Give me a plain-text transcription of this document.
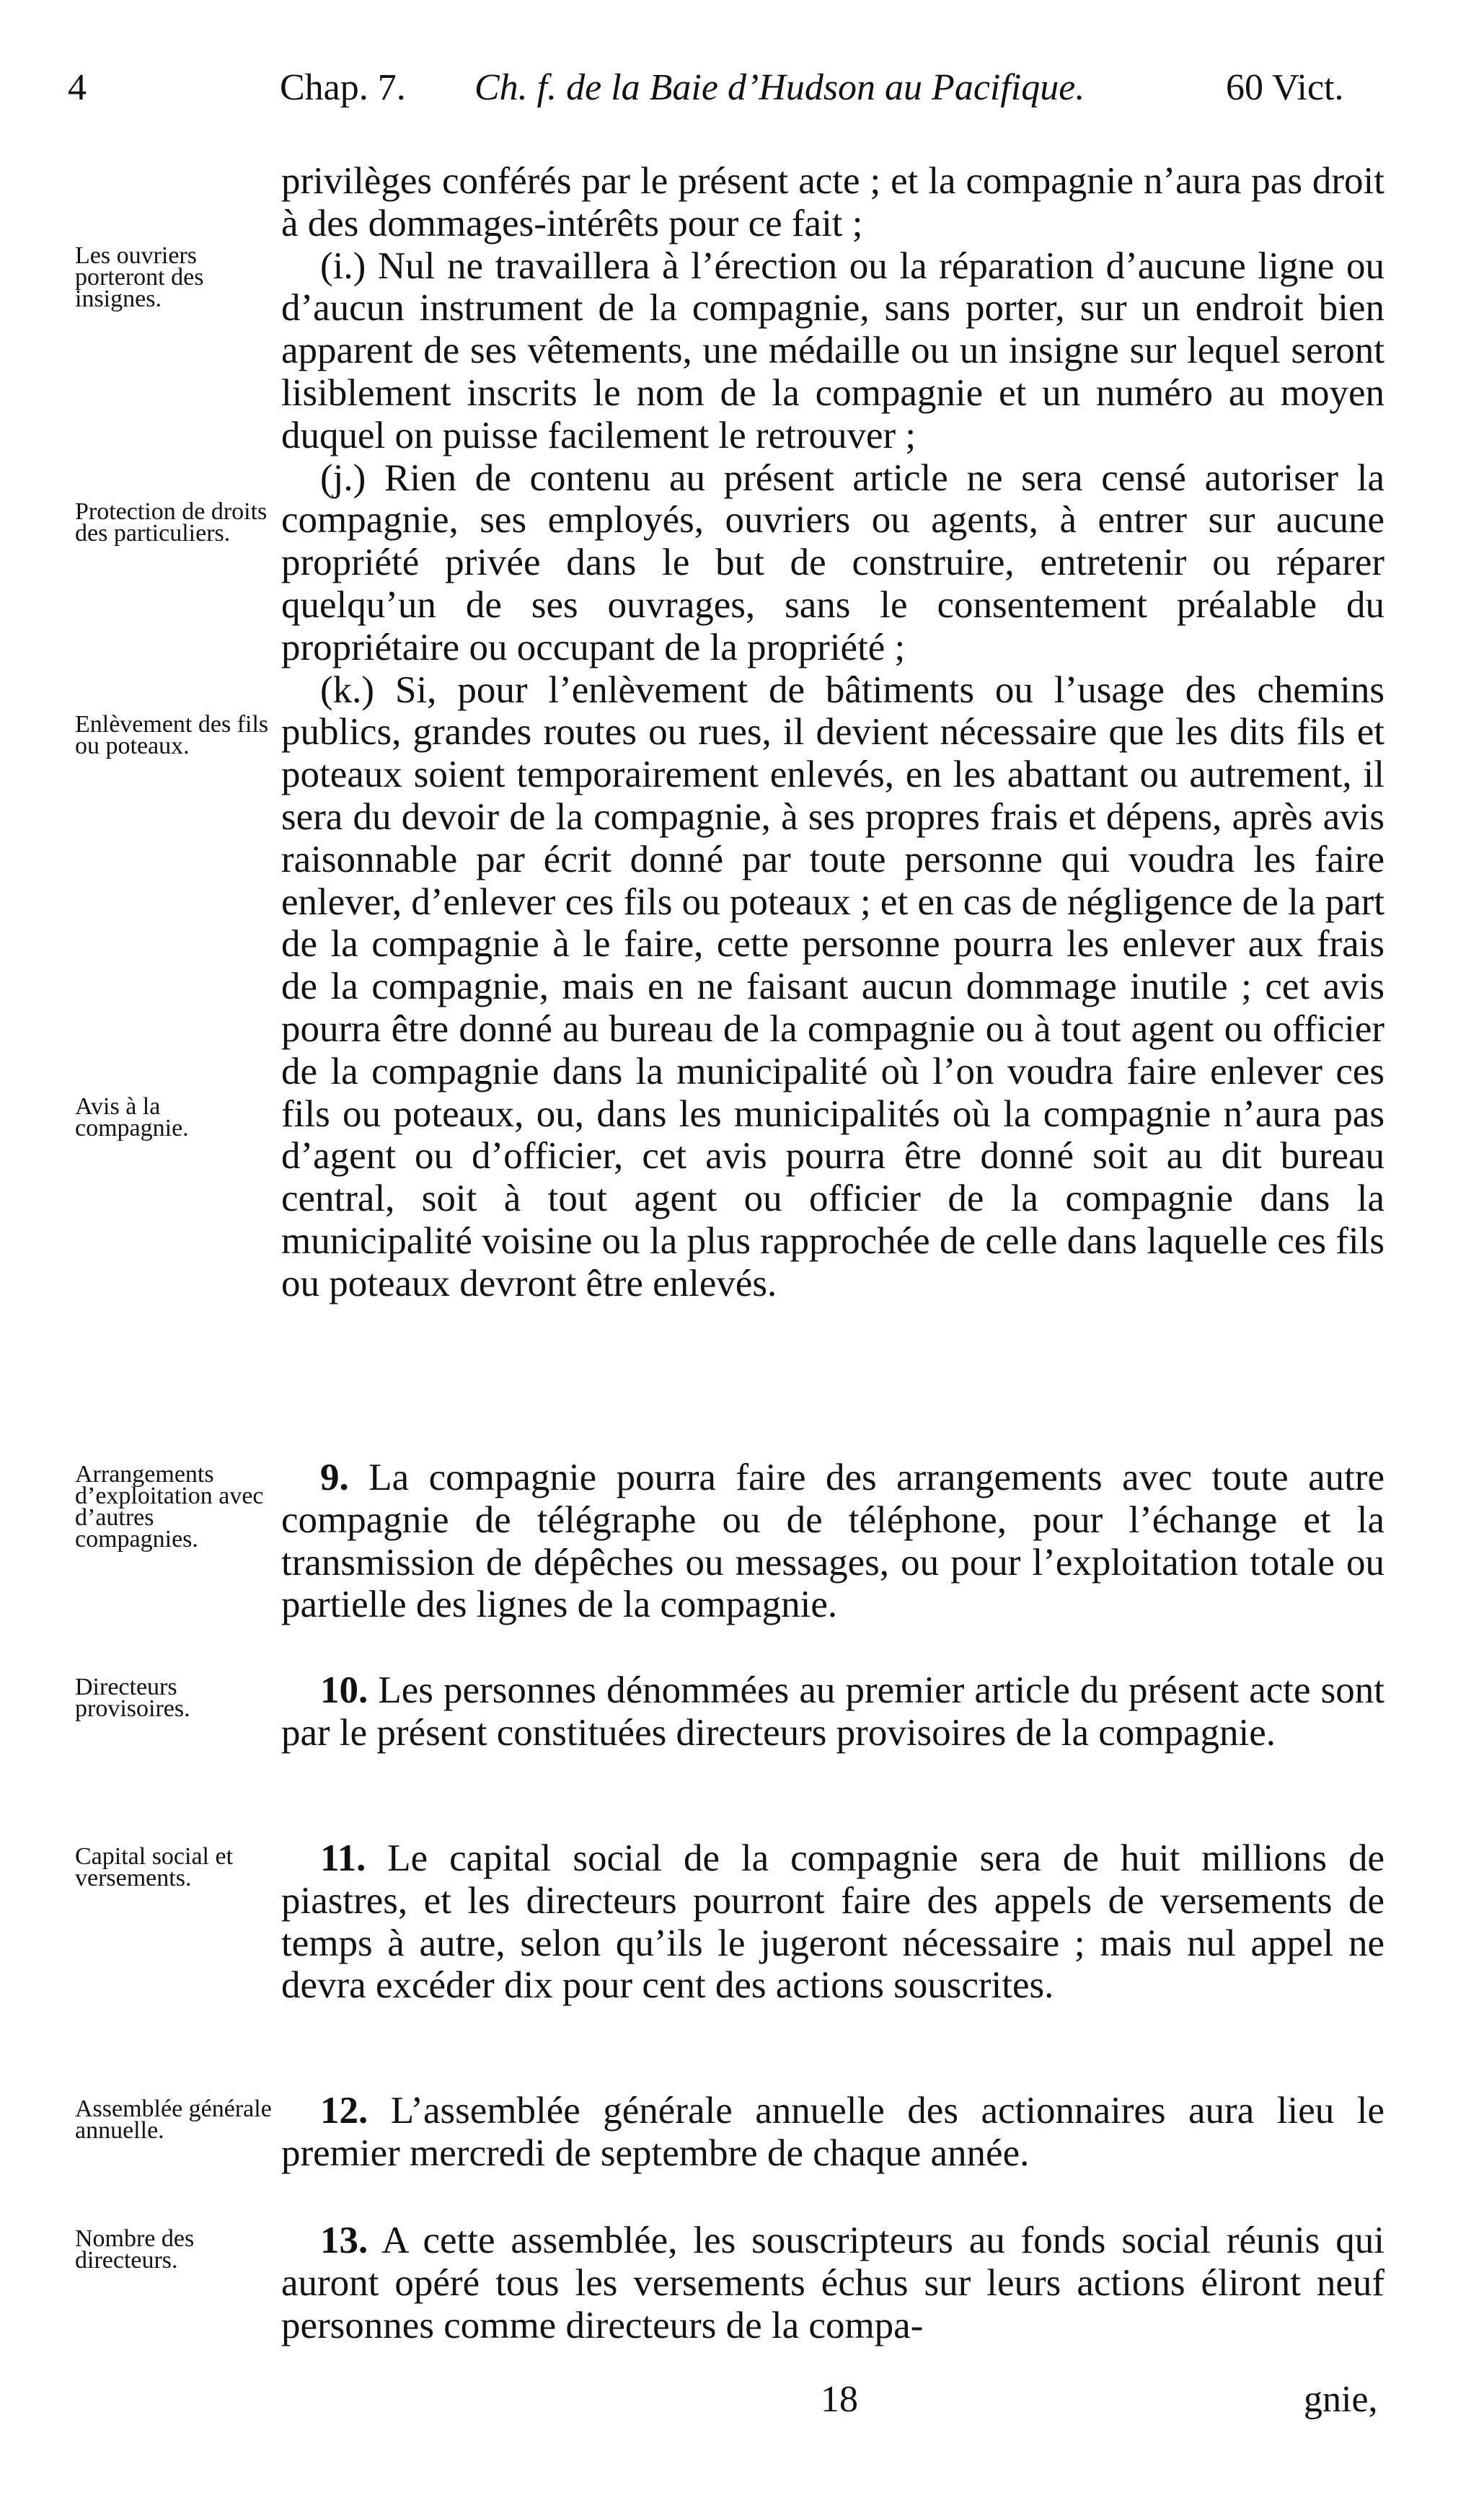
4	Chap. 7. Ch. f. de la Baie d’Hudson au Pacifique.	60 Vict.
Les ouvriers porteront des insignes.
Protection de droits des particuliers.
Enlèvement des fils ou poteaux.
Avis à la compagnie.
Arrangements d’exploitation avec d’autres compagnies.
Directeurs provisoires.
Capital social et versements.
Assemblée générale annuelle.
Nombre des directeurs.

privilèges conférés par le présent acte ; et la compagnie n’aura pas droit à des dommages-intérêts pour ce fait ;

(i.) Nul ne travaillera à l’érection ou la réparation d’aucune ligne ou d’aucun instrument de la compagnie, sans porter, sur un endroit bien apparent de ses vêtements, une médaille ou un insigne sur lequel seront lisiblement inscrits le nom de la compagnie et un numéro au moyen duquel on puisse facilement le retrouver ;

(j.) Rien de contenu au présent article ne sera censé autoriser la compagnie, ses employés, ouvriers ou agents, à entrer sur aucune propriété privée dans le but de construire, entretenir ou réparer quelqu’un de ses ouvrages, sans le consentement préalable du propriétaire ou occupant de la propriété ;

(k.) Si, pour l’enlèvement de bâtiments ou l’usage des chemins publics, grandes routes ou rues, il devient nécessaire que les dits fils et poteaux soient temporairement enlevés, en les abattant ou autrement, il sera du devoir de la compagnie, à ses propres frais et dépens, après avis raisonnable par écrit donné par toute personne qui voudra les faire enlever, d’enlever ces fils ou poteaux ; et en cas de négligence de la part de la compagnie à le faire, cette personne pourra les enlever aux frais de la compagnie, mais en ne faisant aucun dommage inutile ; cet avis pourra être donné au bureau de la compagnie ou à tout agent ou officier de la compagnie dans la municipalité où l’on voudra faire enlever ces fils ou poteaux, ou, dans les municipalités où la compagnie n’aura pas d’agent ou d’officier, cet avis pourra être donné soit au dit bureau central, soit à tout agent ou officier de la compagnie dans la municipalité voisine ou la plus rapprochée de celle dans laquelle ces fils ou poteaux devront être enlevés.

9. La compagnie pourra faire des arrangements avec toute autre compagnie de télégraphe ou de téléphone, pour l’échange et la transmission de dépêches ou messages, ou pour l’exploitation totale ou partielle des lignes de la compagnie.

10. Les personnes dénommées au premier article du présent acte sont par le présent constituées directeurs provisoires de la compagnie.

11. Le capital social de la compagnie sera de huit millions de piastres, et les directeurs pourront faire des appels de versements de temps à autre, selon qu’ils le jugeront nécessaire ; mais nul appel ne devra excéder dix pour cent des actions souscrites.

12. L’assemblée générale annuelle des actionnaires aura lieu le premier mercredi de septembre de chaque année.

13. A cette assemblée, les souscripteurs au fonds social réunis qui auront opéré tous les versements échus sur leurs actions éliront neuf personnes comme directeurs de la compa-

18	gnie,
